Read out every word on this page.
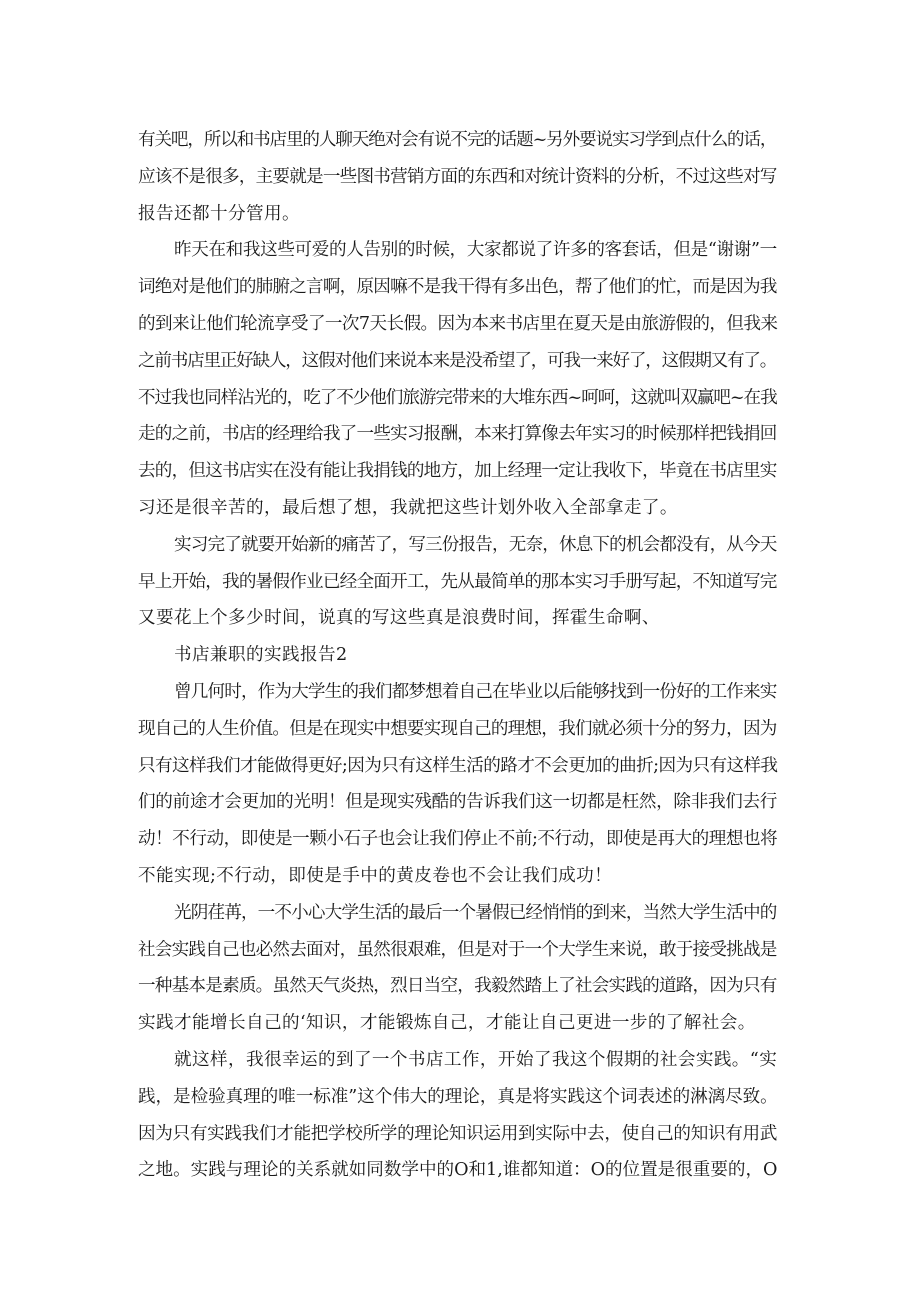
有关吧，所以和书店里的人聊天绝对会有说不完的话题~另外要说实习学到点什么的话，
应该不是很多，主要就是一些图书营销方面的东西和对统计资料的分析，不过这些对写
报告还都十分管用。
昨天在和我这些可爱的人告别的时候，大家都说了许多的客套话，但是“谢谢”一
词绝对是他们的肺腑之言啊，原因嘛不是我干得有多出色，帮了他们的忙，而是因为我
的到来让他们轮流享受了一次7天长假。因为本来书店里在夏天是由旅游假的，但我来
之前书店里正好缺人，这假对他们来说本来是没希望了，可我一来好了，这假期又有了。
不过我也同样沾光的，吃了不少他们旅游完带来的大堆东西~呵呵，这就叫双赢吧~在我
走的之前，书店的经理给我了一些实习报酬，本来打算像去年实习的时候那样把钱捐回
去的，但这书店实在没有能让我捐钱的地方，加上经理一定让我收下，毕竟在书店里实
习还是很辛苦的，最后想了想，我就把这些计划外收入全部拿走了。
实习完了就要开始新的痛苦了，写三份报告，无奈，休息下的机会都没有，从今天
早上开始，我的暑假作业已经全面开工，先从最简单的那本实习手册写起，不知道写完
又要花上个多少时间，说真的写这些真是浪费时间，挥霍生命啊、
书店兼职的实践报告2
曾几何时，作为大学生的我们都梦想着自己在毕业以后能够找到一份好的工作来实
现自己的人生价值。但是在现实中想要实现自己的理想，我们就必须十分的努力，因为
只有这样我们才能做得更好;因为只有这样生活的路才不会更加的曲折;因为只有这样我
们的前途才会更加的光明！但是现实残酷的告诉我们这一切都是枉然，除非我们去行
动！不行动，即使是一颗小石子也会让我们停止不前;不行动，即使是再大的理想也将
不能实现;不行动，即使是手中的黄皮卷也不会让我们成功！
光阴荏苒，一不小心大学生活的最后一个暑假已经悄悄的到来，当然大学生活中的
社会实践自己也必然去面对，虽然很艰难，但是对于一个大学生来说，敢于接受挑战是
一种基本是素质。虽然天气炎热，烈日当空，我毅然踏上了社会实践的道路，因为只有
实践才能增长自己的‘知识，才能锻炼自己，才能让自己更进一步的了解社会。
就这样，我很幸运的到了一个书店工作，开始了我这个假期的社会实践。“实
践，是检验真理的唯一标准”这个伟大的理论，真是将实践这个词表述的淋漓尽致。
因为只有实践我们才能把学校所学的理论知识运用到实际中去，使自己的知识有用武
之地。实践与理论的关系就如同数学中的O和1,谁都知道：O的位置是很重要的，O
